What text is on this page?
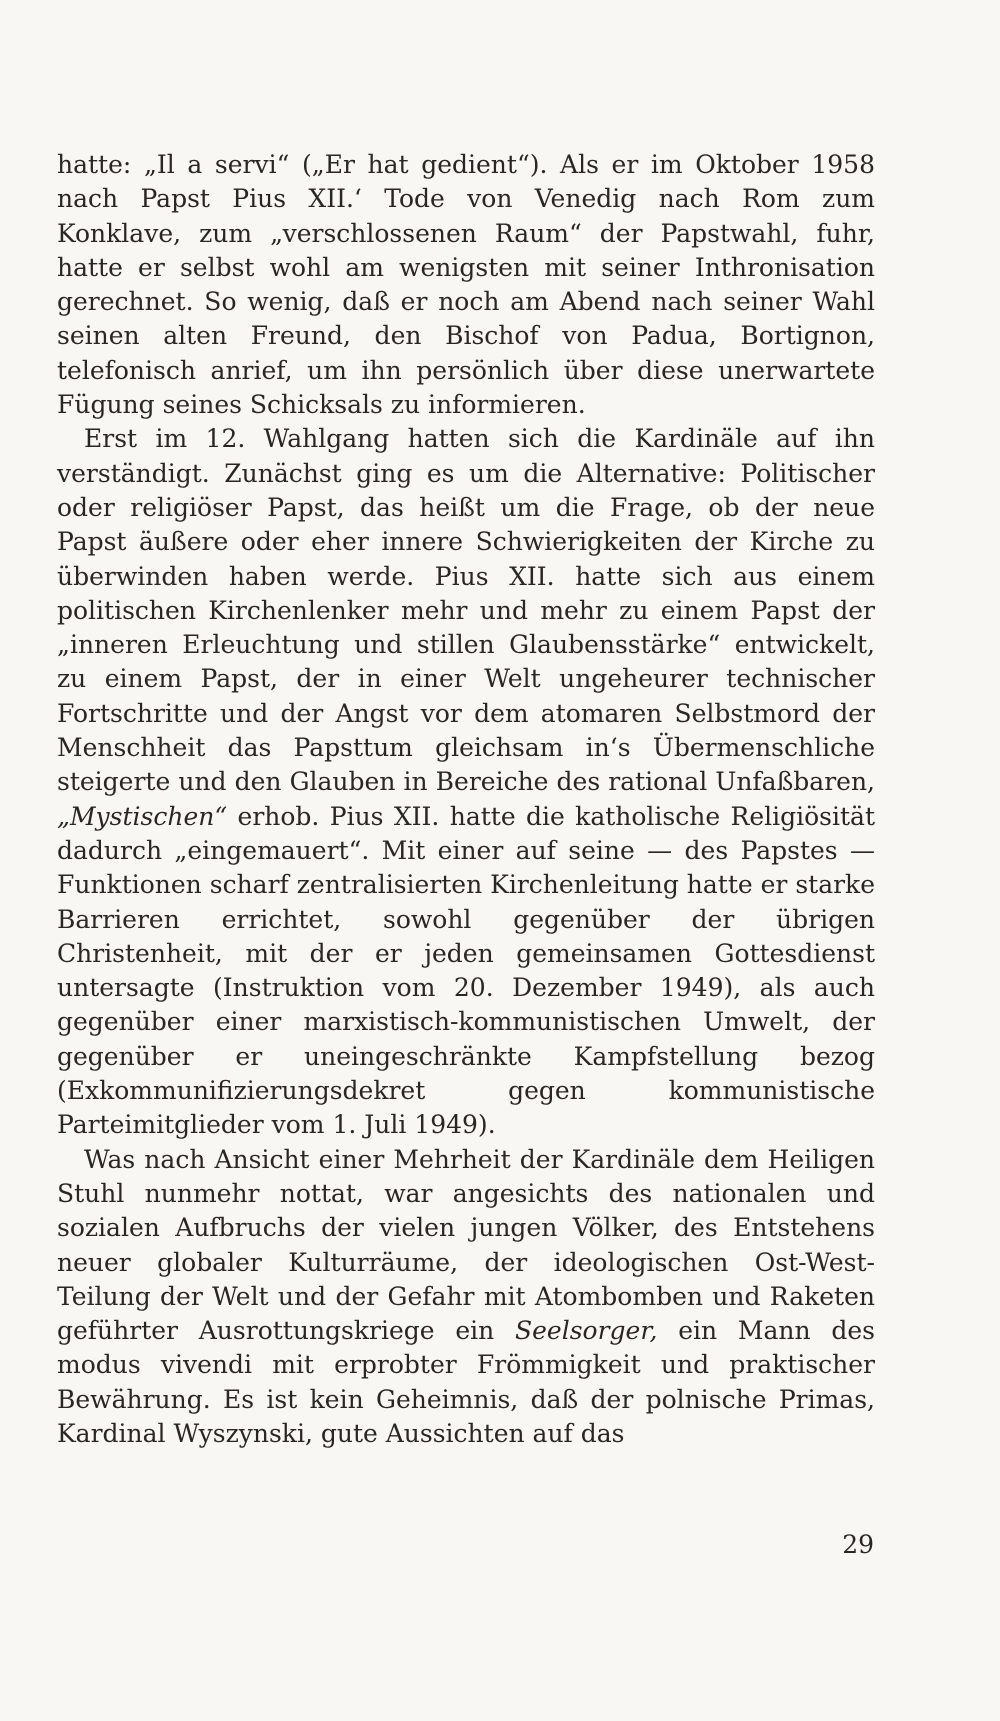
hatte: „Il a servi“ („Er hat gedient“). Als er im Oktober 1958 nach Papst Pius XII.‘ Tode von Venedig nach Rom zum Konklave, zum „verschlossenen Raum“ der Papstwahl, fuhr, hatte er selbst wohl am wenigsten mit seiner Inthronisation gerechnet. So wenig, daß er noch am Abend nach seiner Wahl seinen alten Freund, den Bischof von Padua, Bortignon, telefonisch anrief, um ihn persönlich über diese unerwartete Fügung seines Schicksals zu informieren.

Erst im 12. Wahlgang hatten sich die Kardinäle auf ihn verständigt. Zunächst ging es um die Alternative: Politischer oder religiöser Papst, das heißt um die Frage, ob der neue Papst äußere oder eher innere Schwierigkeiten der Kirche zu überwinden haben werde. Pius XII. hatte sich aus einem politischen Kirchenlenker mehr und mehr zu einem Papst der „inneren Erleuchtung und stillen Glaubensstärke“ entwickelt, zu einem Papst, der in einer Welt ungeheurer technischer Fortschritte und der Angst vor dem atomaren Selbstmord der Menschheit das Papsttum gleichsam in‘s Übermenschliche steigerte und den Glauben in Bereiche des rational Unfaßbaren, „Mystischen“ erhob. Pius XII. hatte die katholische Religiösität dadurch „eingemauert“. Mit einer auf seine — des Papstes — Funktionen scharf zentralisierten Kirchenleitung hatte er starke Barrieren errichtet, sowohl gegenüber der übrigen Christenheit, mit der er jeden gemeinsamen Gottesdienst untersagte (Instruktion vom 20. Dezember 1949), als auch gegenüber einer marxistisch-kommunistischen Umwelt, der gegenüber er uneingeschränkte Kampfstellung bezog (Exkommunifizierungsdekret gegen kommunistische Parteimitglieder vom 1. Juli 1949).

Was nach Ansicht einer Mehrheit der Kardinäle dem Heiligen Stuhl nunmehr nottat, war angesichts des nationalen und sozialen Aufbruchs der vielen jungen Völker, des Entstehens neuer globaler Kulturräume, der ideologischen Ost-West-Teilung der Welt und der Gefahr mit Atombomben und Raketen geführter Ausrottungskriege ein Seelsorger, ein Mann des modus vivendi mit erprobter Frömmigkeit und praktischer Bewährung. Es ist kein Geheimnis, daß der polnische Primas, Kardinal Wyszynski, gute Aussichten auf das

29
